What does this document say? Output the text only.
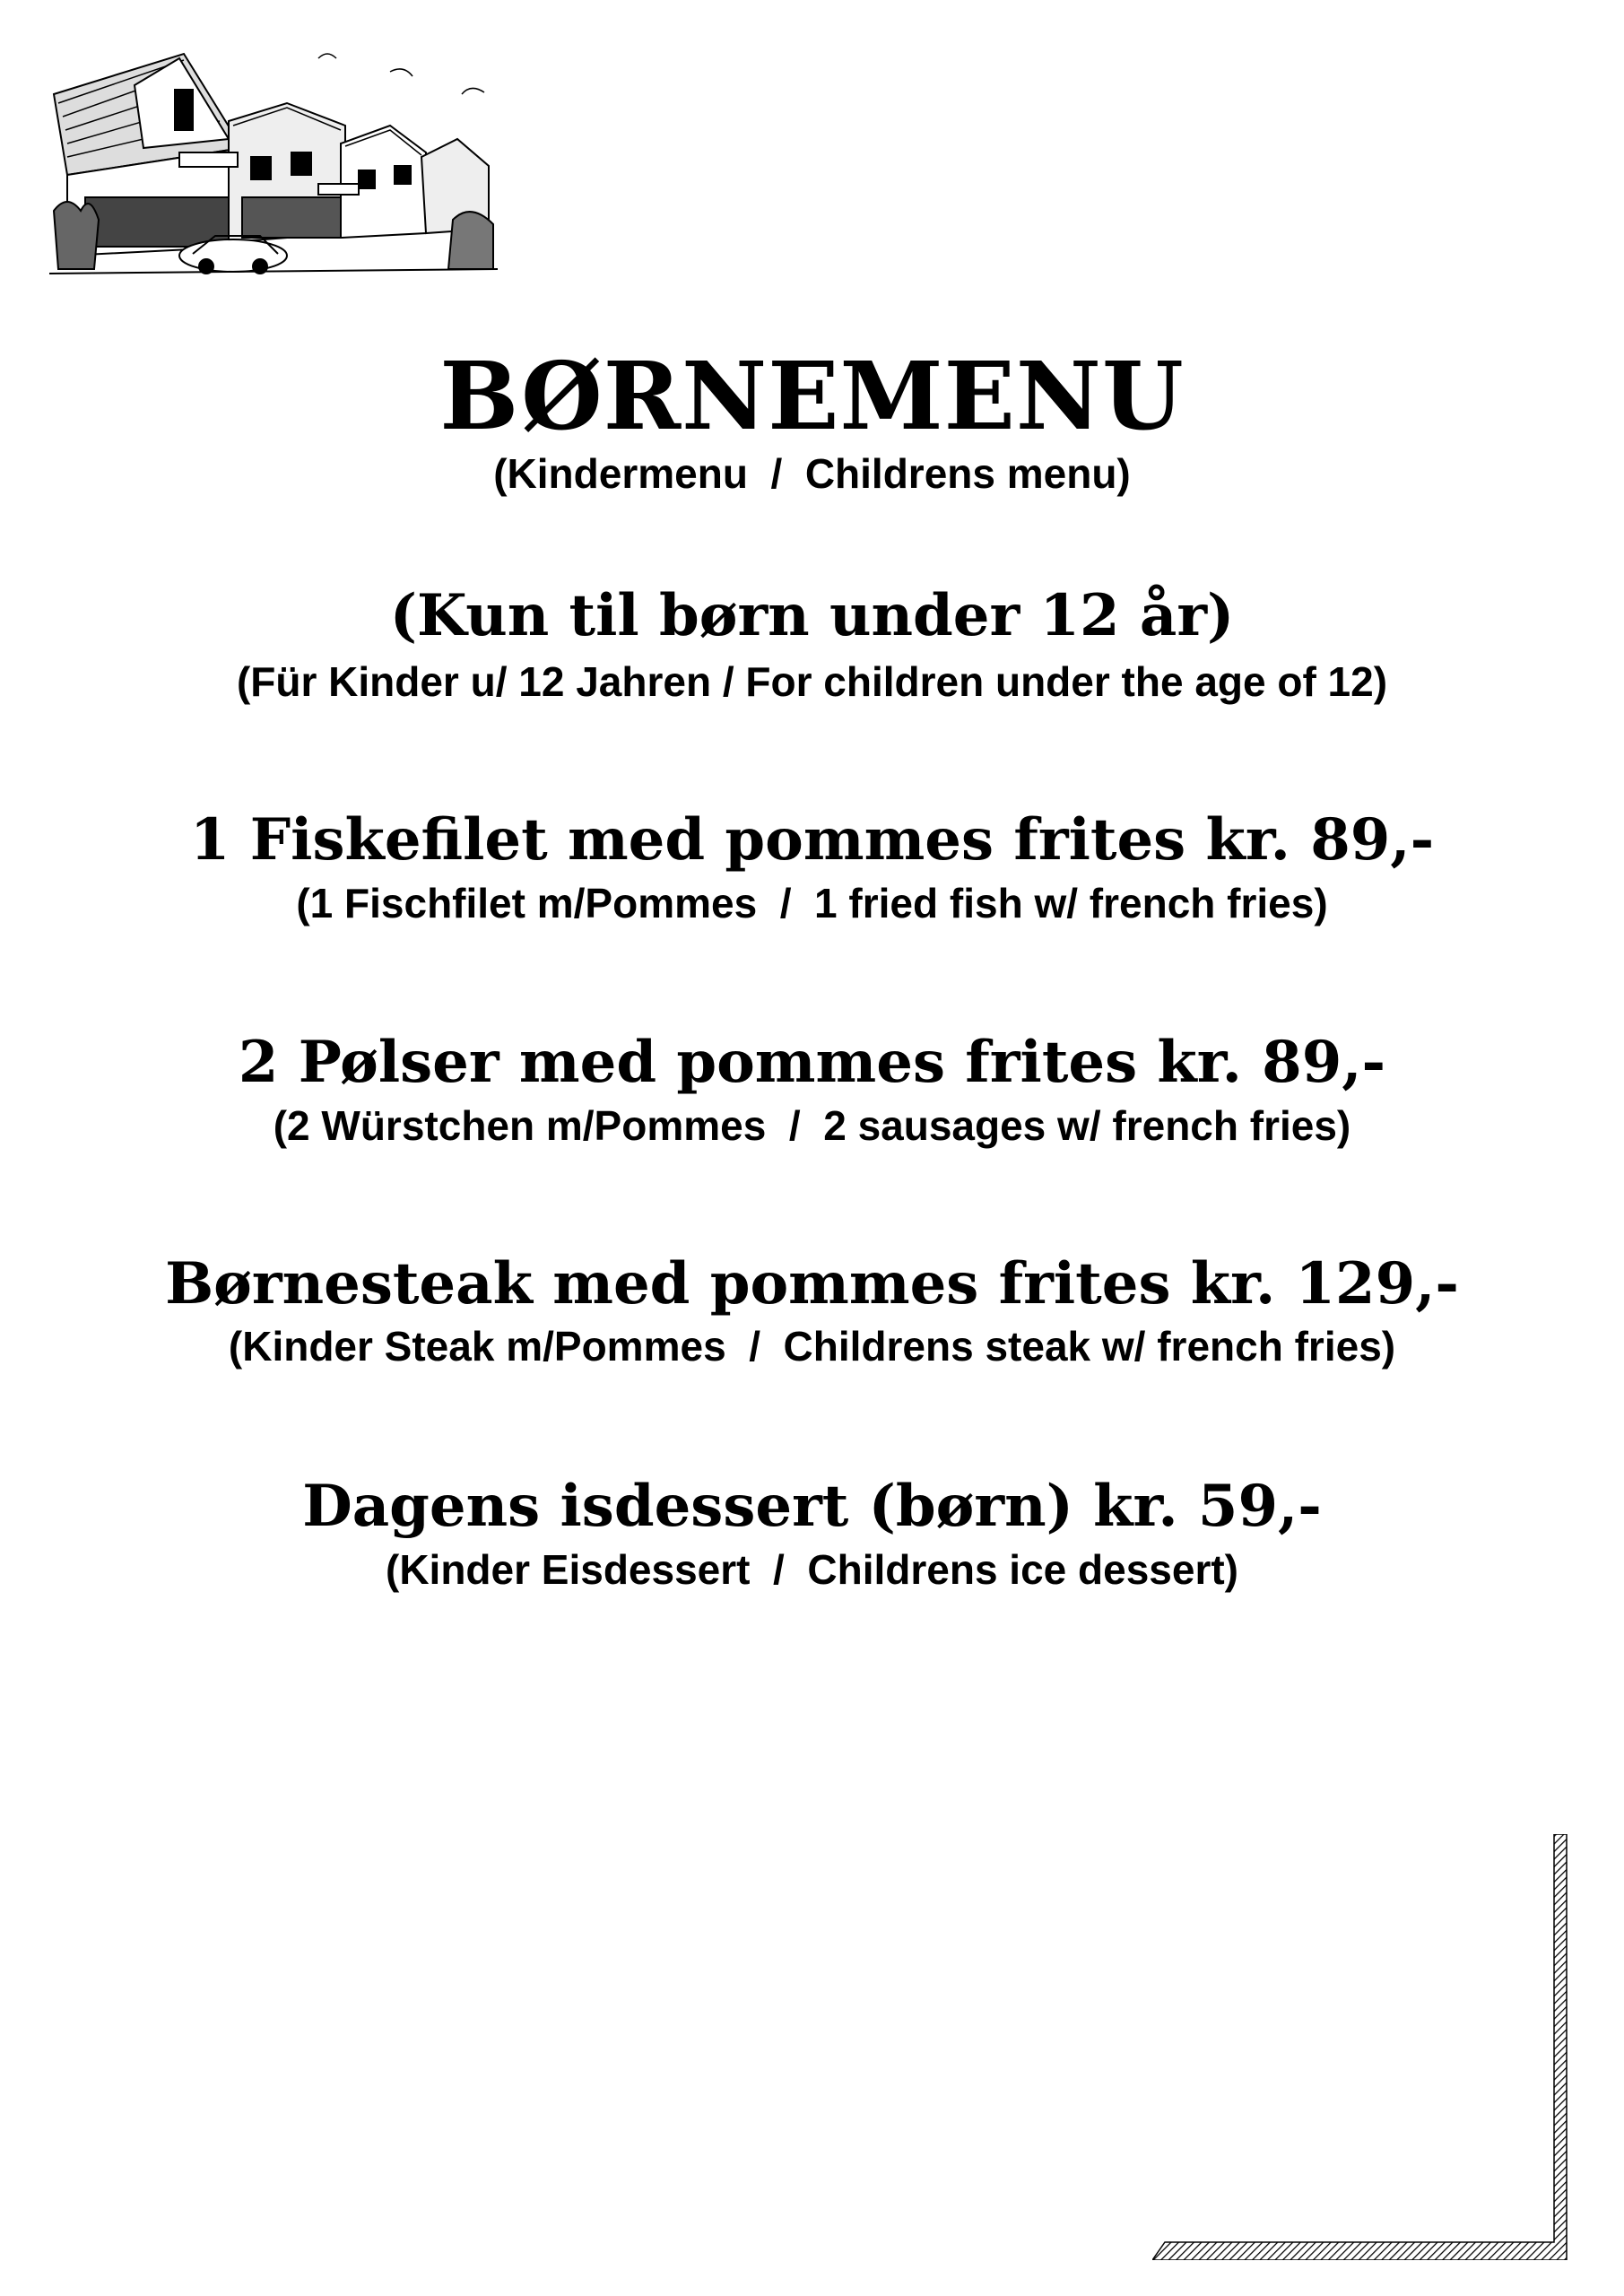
BØRNEMENU

(Kindermenu  /  Childrens menu)

(Kun til børn under 12 år)

(Für Kinder u/ 12 Jahren / For children under the age of 12)

1 Fiskefilet med pommes frites kr. 89,-

(1 Fischfilet m/Pommes  /  1 fried fish w/ french fries)

2 Pølser med pommes frites kr. 89,-

(2 Würstchen m/Pommes  /  2 sausages w/ french fries)

Børnesteak med pommes frites kr. 129,-

(Kinder Steak m/Pommes  /  Childrens steak w/ french fries)

Dagens isdessert (børn) kr. 59,-

(Kinder Eisdessert  /  Childrens ice dessert)
